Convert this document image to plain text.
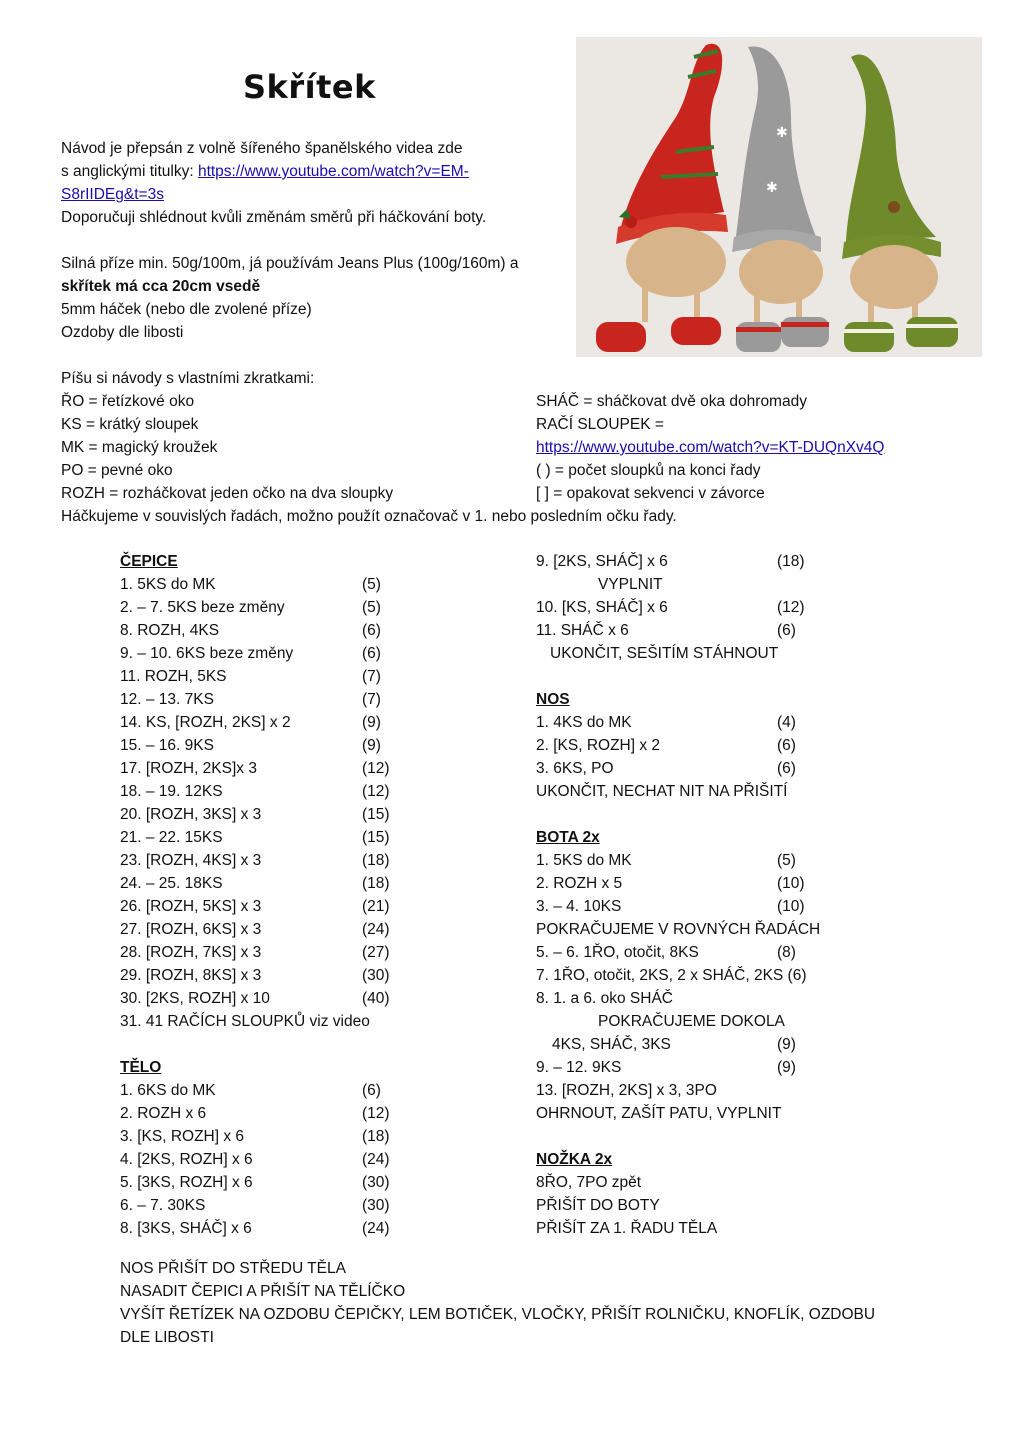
Skřítek
✱
✱
Návod je přepsán z volně šířeného španělského videa zde
s anglickými titulky: https://www.youtube.com/watch?v=EM-
S8rIIDEg&t=3s
Doporučuji shlédnout kvůli změnám směrů při háčkování boty.
Silná příze min. 50g/100m, já používám Jeans Plus (100g/160m) a
skřítek má cca 20cm vsedě
5mm háček (nebo dle zvolené příze)
Ozdoby dle libosti
Píšu si návody s vlastními zkratkami:
ŘO = řetízkové oko
KS = krátký sloupek
MK = magický kroužek
PO = pevné oko
ROZH = rozháčkovat jeden očko na dva sloupky
SHÁČ = sháčkovat dvě oka dohromady
RAČÍ SLOUPEK =
https://www.youtube.com/watch?v=KT-DUQnXv4Q
( ) = počet sloupků na konci řady
[ ] = opakovat sekvenci v závorce
Háčkujeme v souvislých řadách, možno použít označovač v 1. nebo posledním očku řady.
ČEPICE
1. 5KS do MK	(5)
2. – 7. 5KS beze změny	(5)
8. ROZH, 4KS	(6)
9. – 10. 6KS beze změny	(6)
11. ROZH, 5KS	(7)
12. – 13. 7KS	(7)
14. KS, [ROZH, 2KS] x 2	(9)
15. – 16. 9KS	(9)
17. [ROZH, 2KS]x 3	(12)
18. – 19. 12KS	(12)
20. [ROZH, 3KS] x 3	(15)
21. – 22. 15KS	(15)
23. [ROZH, 4KS] x 3	(18)
24. – 25. 18KS	(18)
26. [ROZH, 5KS] x 3	(21)
27. [ROZH, 6KS] x 3	(24)
28. [ROZH, 7KS] x 3	(27)
29. [ROZH, 8KS] x 3	(30)
30. [2KS, ROZH] x 10	(40)
31. 41 RAČÍCH SLOUPKŮ viz video
TĚLO
1. 6KS do MK	(6)
2. ROZH x 6	(12)
3. [KS, ROZH] x 6	(18)
4. [2KS, ROZH] x 6	(24)
5. [3KS, ROZH] x 6	(30)
6. – 7. 30KS	(30)
8. [3KS, SHÁČ] x 6	(24)
9. [2KS, SHÁČ] x 6	(18)
VYPLNIT
10. [KS, SHÁČ] x 6	(12)
11. SHÁČ x 6	(6)
UKONČIT, SEŠITÍM STÁHNOUT
NOS
1. 4KS do MK	(4)
2. [KS, ROZH] x 2	(6)
3. 6KS, PO	(6)
UKONČIT, NECHAT NIT NA PŘIŠITÍ
BOTA 2x
1. 5KS do MK	(5)
2. ROZH x 5	(10)
3. – 4. 10KS	(10)
POKRAČUJEME V ROVNÝCH ŘADÁCH
5. – 6. 1ŘO, otočit, 8KS	(8)
7. 1ŘO, otočit, 2KS, 2 x SHÁČ, 2KS (6)
8. 1. a 6. oko SHÁČ
POKRAČUJEME DOKOLA
4KS, SHÁČ, 3KS	(9)
9. – 12. 9KS	(9)
13. [ROZH, 2KS] x 3, 3PO
OHRNOUT, ZAŠÍT PATU, VYPLNIT
NOŽKA 2x
8ŘO, 7PO zpět
PŘIŠÍT DO BOTY
PŘIŠÍT ZA 1. ŘADU TĚLA
NOS PŘIŠÍT DO STŘEDU TĚLA
NASADIT ČEPICI A PŘIŠÍT NA TĚLÍČKO
VYŠÍT ŘETÍZEK NA OZDOBU ČEPIČKY, LEM BOTIČEK, VLOČKY, PŘIŠÍT ROLNIČKU, KNOFLÍK, OZDOBU
DLE LIBOSTI
